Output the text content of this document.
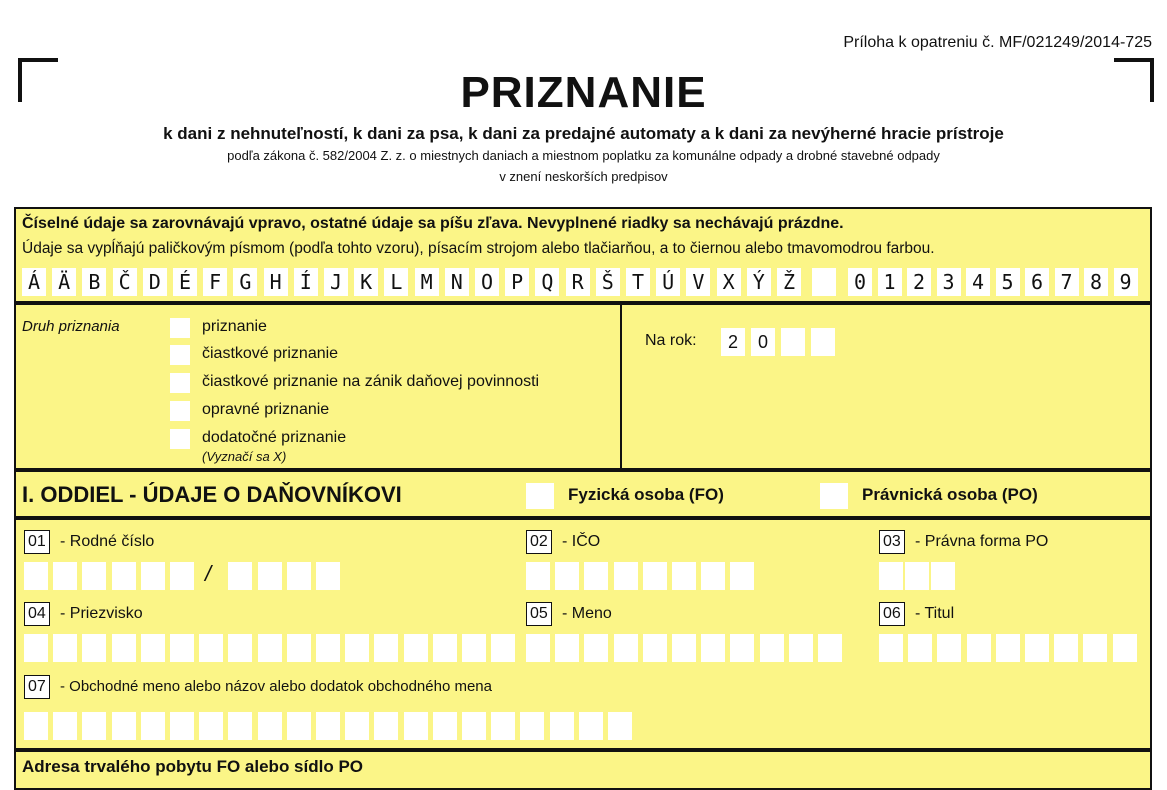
Príloha k opatreniu č. MF/021249/2014-725
PRIZNANIE
k dani z nehnuteľností, k dani za psa, k dani za predajné automaty a k dani za nevýherné hracie prístroje
podľa zákona č. 582/2004 Z. z. o miestnych daniach a miestnom poplatku za komunálne odpady a drobné stavebné odpady
v znení neskorších predpisov
Číselné údaje sa zarovnávajú vpravo, ostatné údaje sa píšu zľava. Nevyplnené riadky sa nechávajú prázdne.
Údaje sa vypĺňajú paličkovým písmom (podľa tohto vzoru), písacím strojom alebo tlačiarňou, a to čiernou alebo tmavomodrou farbou.
Á Ä B Č D É F G H Í J K L M N O P Q R Š T Ú V X Ý Ž	0 1 2 3 4 5 6 7 8 9
Druh priznania	priznanie
čiastkové priznanie
čiastkové priznanie na zánik daňovej povinnosti
opravné priznanie
dodatočné priznanie
(Vyznačí sa X)
Na rok:	2	0
I. ODDIEL - ÚDAJE O DAŇOVNÍKOVI	Fyzická osoba (FO)	Právnická osoba (PO)
01 - Rodné číslo	02 - IČO	03 - Právna forma PO
/
04 - Priezvisko	05 - Meno	06 - Titul
07 - Obchodné meno alebo názov alebo dodatok obchodného mena
Adresa trvalého pobytu FO alebo sídlo PO
